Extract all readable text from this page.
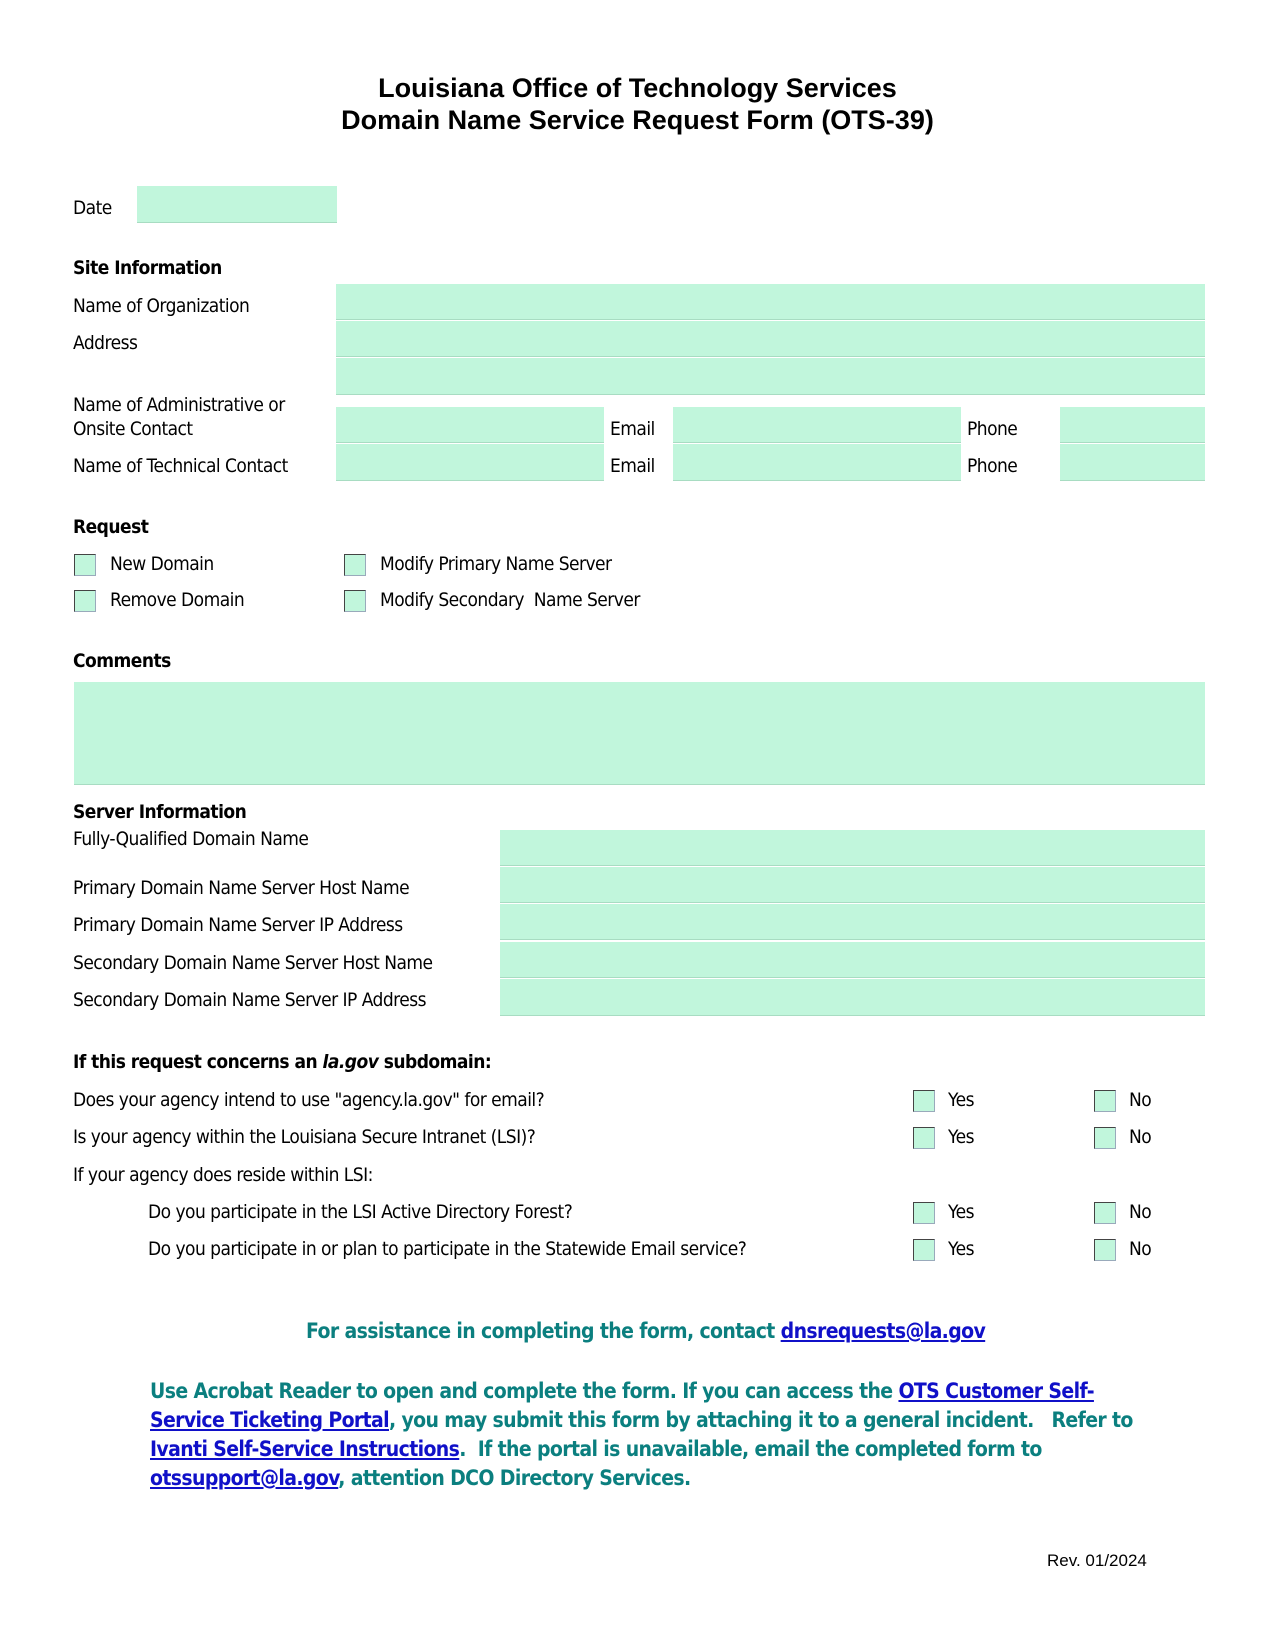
Louisiana Office of Technology Services
Domain Name Service Request Form (OTS-39)
Date
Site Information
Name of Organization
Address
Name of Administrative or
Onsite Contact	Email	Phone
Name of Technical Contact	Email	Phone
Request
New Domain
Remove Domain
Modify Primary Name Server
Modify Secondary  Name Server
Comments
Server Information
Fully-Qualified Domain Name
Primary Domain Name Server Host Name
Primary Domain Name Server IP Address
Secondary Domain Name Server Host Name
Secondary Domain Name Server IP Address
If this request concerns an la.gov subdomain:
Does your agency intend to use "agency.la.gov" for email?	Yes	No
Is your agency within the Louisiana Secure Intranet (LSI)?	Yes	No
If your agency does reside within LSI:
Do you participate in the LSI Active Directory Forest?	Yes	No
Do you participate in or plan to participate in the Statewide Email service?	Yes	No
For assistance in completing the form, contact dnsrequests@la.gov
Use Acrobat Reader to open and complete the form. If you can access the OTS Customer Self-
Service Ticketing Portal, you may submit this form by attaching it to a general incident.   Refer to
Ivanti Self-Service Instructions.  If the portal is unavailable, email the completed form to
otssupport@la.gov, attention DCO Directory Services.
Rev. 01/2024
